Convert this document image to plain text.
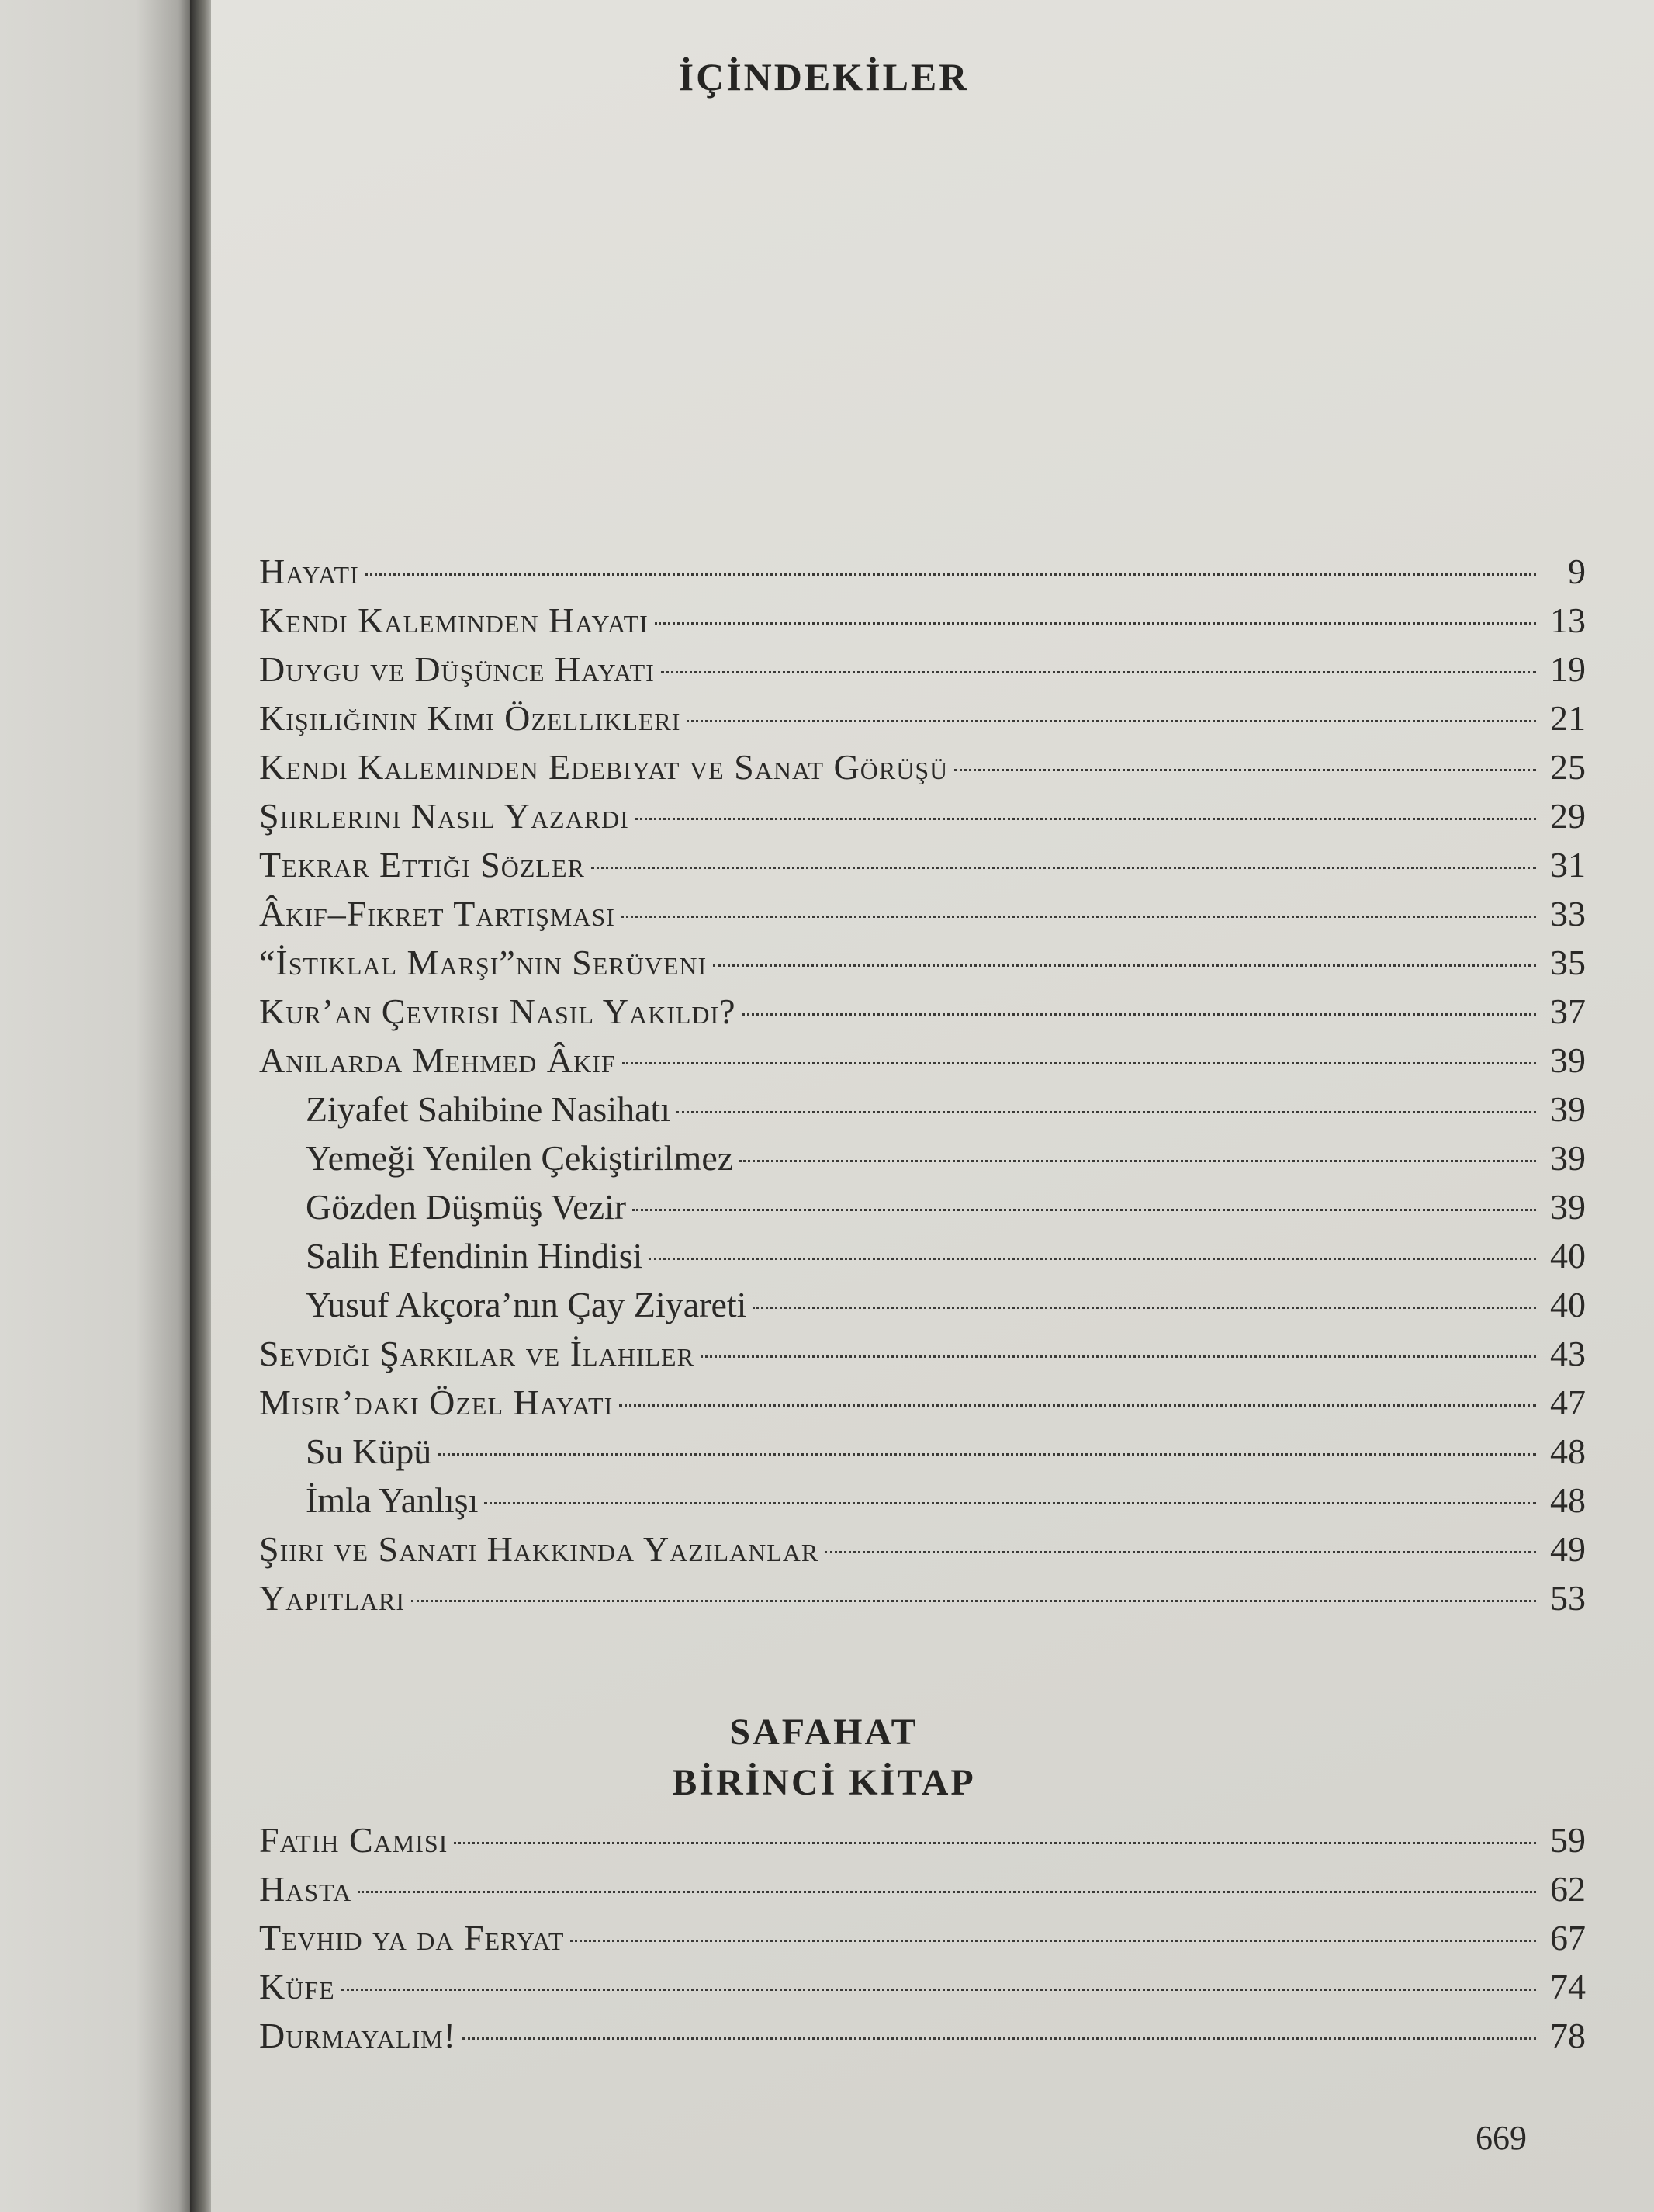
İÇİNDEKİLER
Hayatı	9
Kendi Kaleminden Hayatı	13
Duygu ve Düşünce Hayatı	19
Kişiliğinin Kimi Özellikleri	21
Kendi Kaleminden Edebiyat ve Sanat Görüşü	25
Şiirlerini Nasıl Yazardı	29
Tekrar Ettiği Sözler	31
Âkif–Fikret Tartışması	33
“İstiklal Marşı”nın Serüveni	35
Kur’an Çevirisi Nasıl Yakıldı?	37
Anılarda Mehmed Âkif	39
Ziyafet Sahibine Nasihatı	39
Yemeği Yenilen Çekiştirilmez	39
Gözden Düşmüş Vezir	39
Salih Efendinin Hindisi	40
Yusuf Akçora’nın Çay Ziyareti	40
Sevdiği Şarkılar ve İlahiler	43
Mısır’daki Özel Hayatı	47
Su Küpü	48
İmla Yanlışı	48
Şiiri ve Sanatı Hakkında Yazılanlar	49
Yapıtları	53
SAFAHAT
BİRİNCİ KİTAP
Fatih Camisi	59
Hasta	62
Tevhid ya da Feryat	67
Küfe	74
Durmayalım!	78
669
